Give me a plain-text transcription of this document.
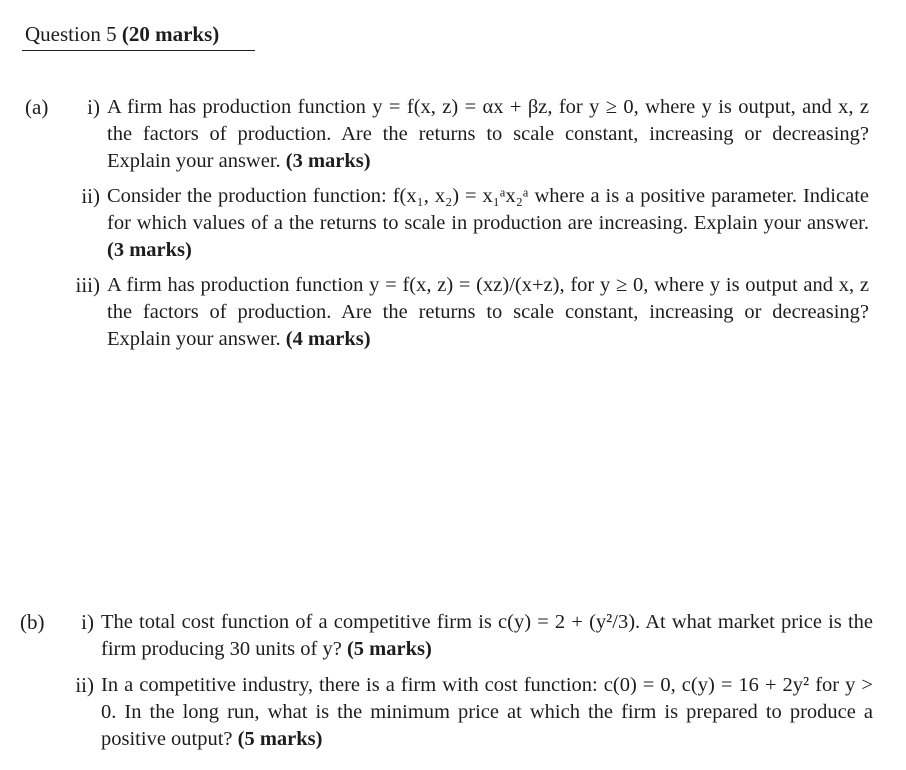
Question 5 (20 marks)
(a)	i) A firm has production function y = f(x, z) = αx + βz, for y ≥ 0, where y is output, and x, z the factors of production. Are the returns to scale constant, increasing or decreasing? Explain your answer. (3 marks)
ii) Consider the production function: f(x₁, x₂) = x₁ᵃx₂ᵃ where a is a positive parameter. Indicate for which values of a the returns to scale in production are increasing. Explain your answer. (3 marks)
iii) A firm has production function y = f(x, z) = (xz)/(x+z), for y ≥ 0, where y is output and x, z the factors of production. Are the returns to scale constant, increasing or decreasing? Explain your answer. (4 marks)
(b)	i) The total cost function of a competitive firm is c(y) = 2 + (y²/3). At what market price is the firm producing 30 units of y? (5 marks)
ii) In a competitive industry, there is a firm with cost function: c(0) = 0, c(y) = 16 + 2y² for y > 0. In the long run, what is the minimum price at which the firm is prepared to produce a positive output? (5 marks)
